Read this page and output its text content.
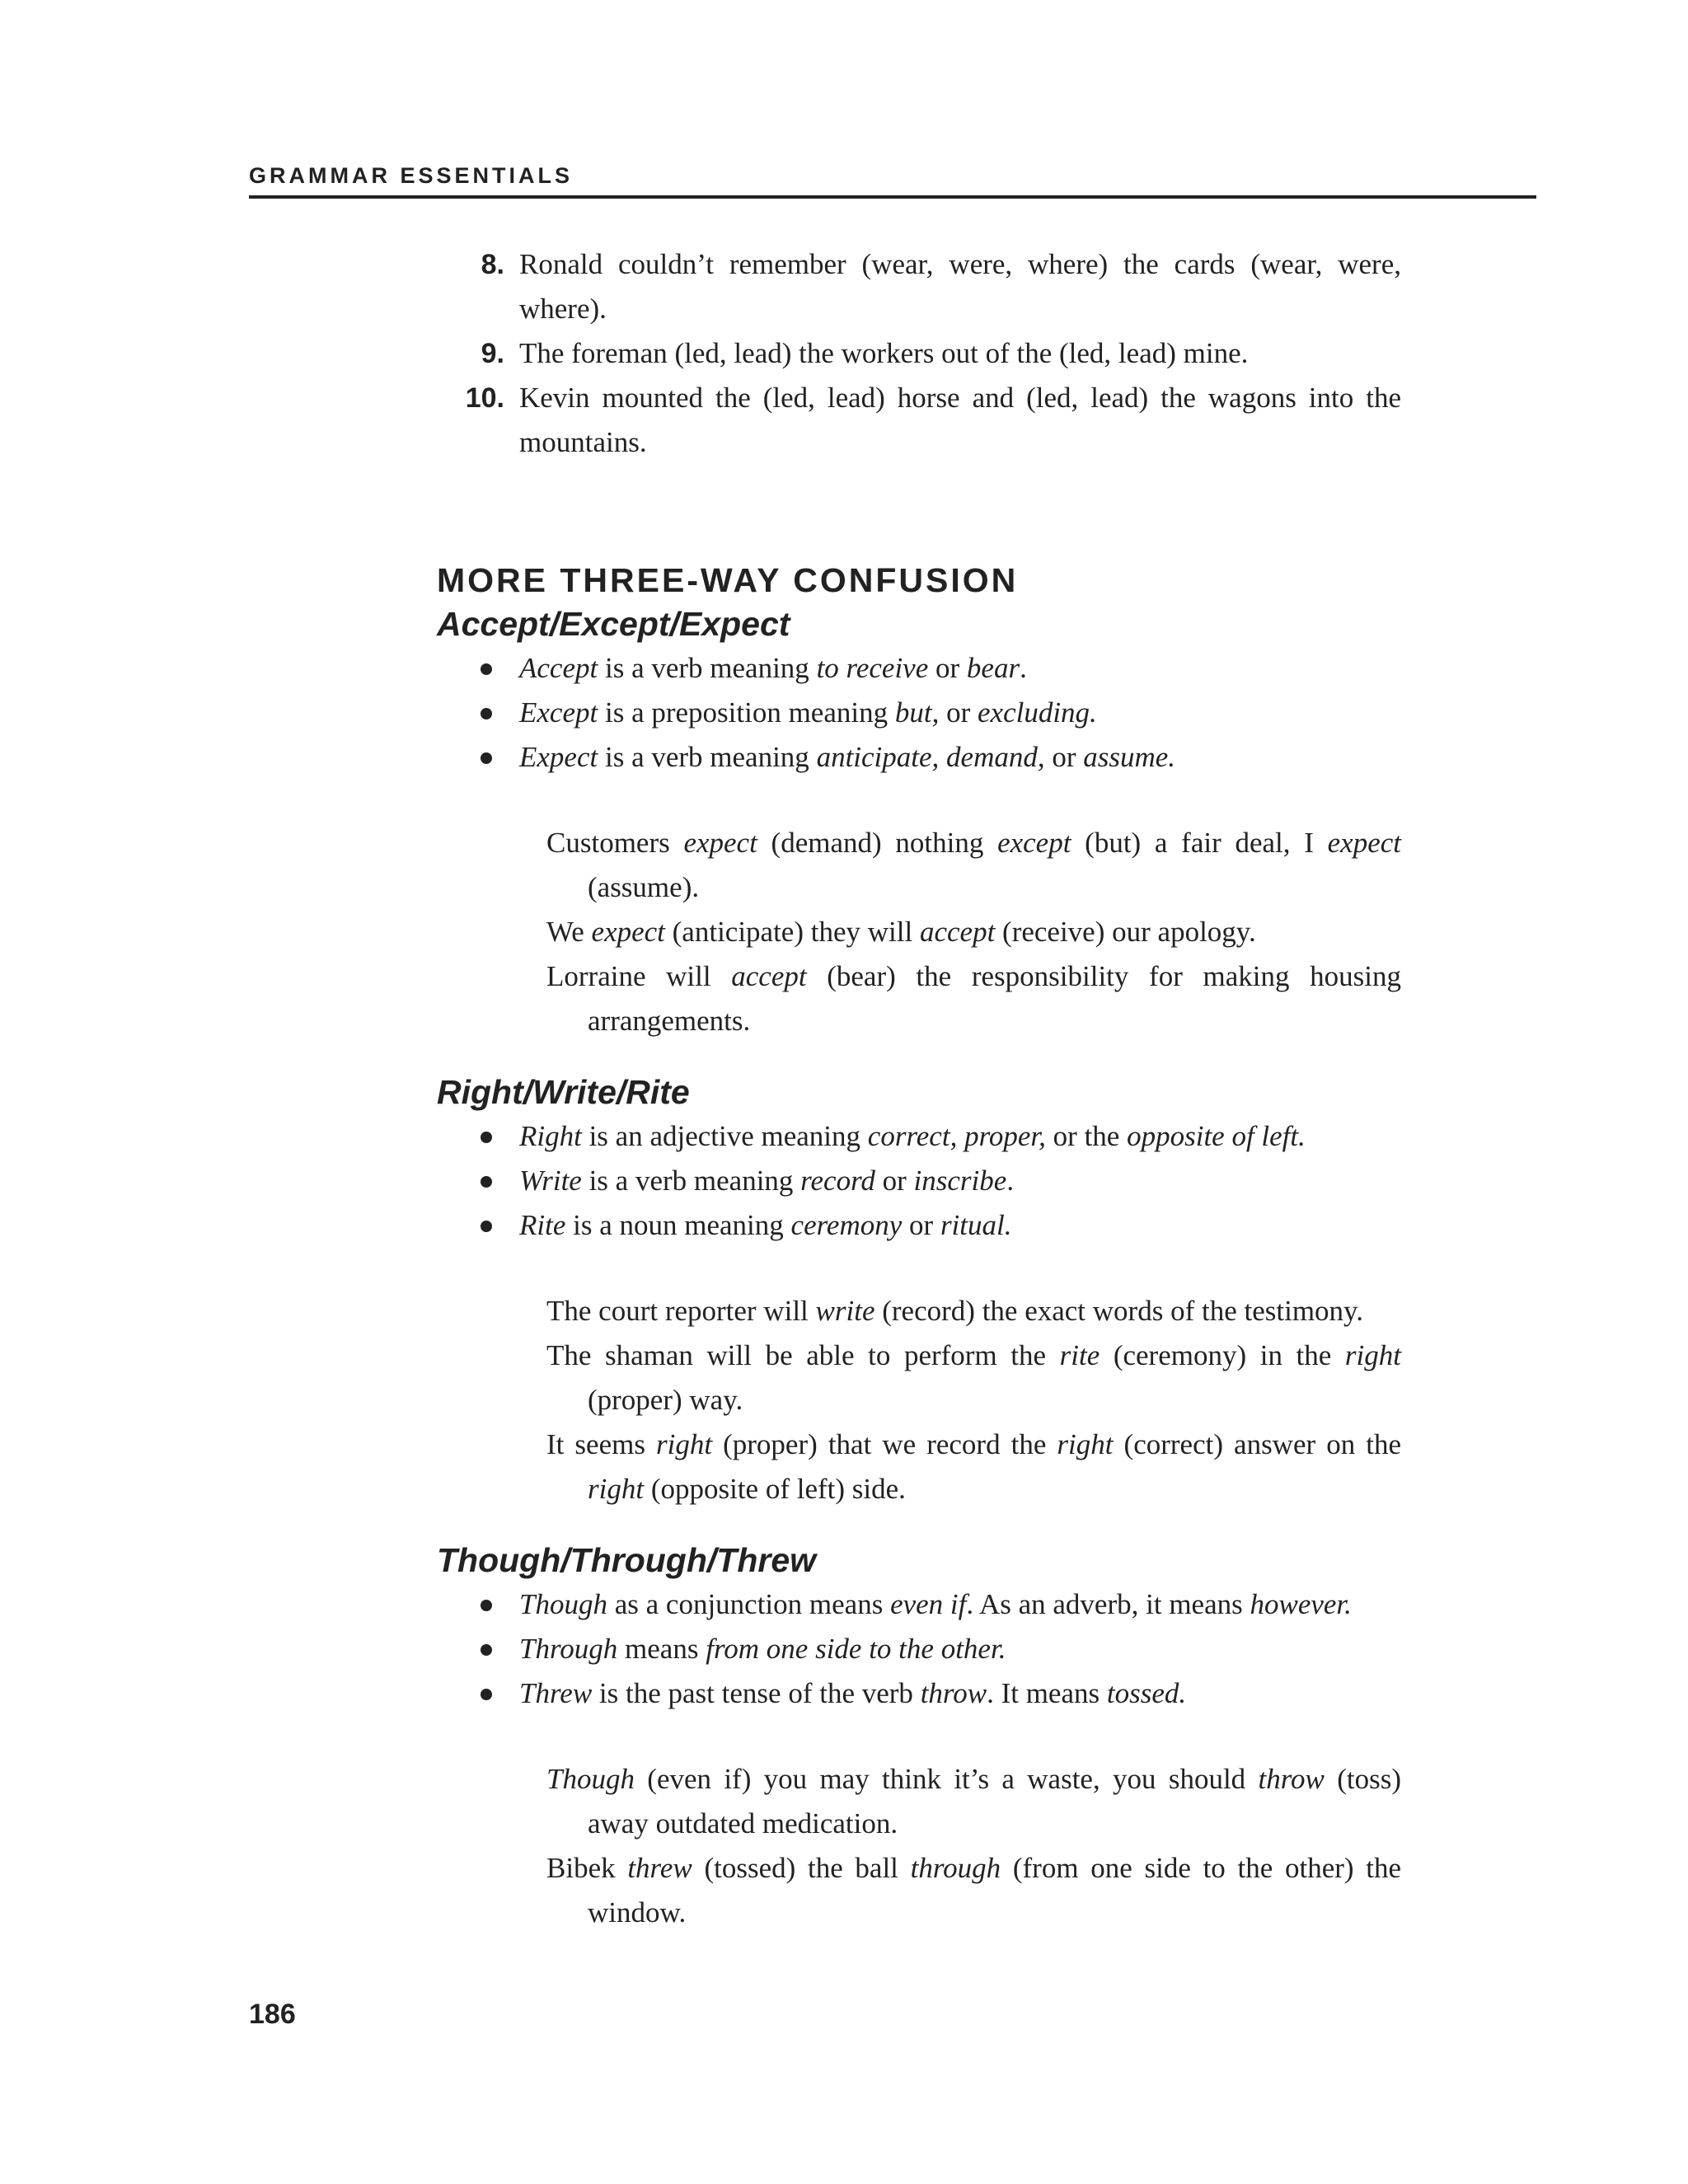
GRAMMAR ESSENTIALS
8. Ronald couldn’t remember (wear, were, where) the cards (wear, were, where).
9. The foreman (led, lead) the workers out of the (led, lead) mine.
10. Kevin mounted the (led, lead) horse and (led, lead) the wagons into the mountains.
MORE THREE-WAY CONFUSION
Accept/Except/Expect
Accept is a verb meaning to receive or bear.
Except is a preposition meaning but, or excluding.
Expect is a verb meaning anticipate, demand, or assume.
Customers expect (demand) nothing except (but) a fair deal, I expect (assume).
We expect (anticipate) they will accept (receive) our apology.
Lorraine will accept (bear) the responsibility for making housing arrangements.
Right/Write/Rite
Right is an adjective meaning correct, proper, or the opposite of left.
Write is a verb meaning record or inscribe.
Rite is a noun meaning ceremony or ritual.
The court reporter will write (record) the exact words of the testimony.
The shaman will be able to perform the rite (ceremony) in the right (proper) way.
It seems right (proper) that we record the right (correct) answer on the right (opposite of left) side.
Though/Through/Threw
Though as a conjunction means even if. As an adverb, it means however.
Through means from one side to the other.
Threw is the past tense of the verb throw. It means tossed.
Though (even if) you may think it’s a waste, you should throw (toss) away outdated medication.
Bibek threw (tossed) the ball through (from one side to the other) the window.
186
